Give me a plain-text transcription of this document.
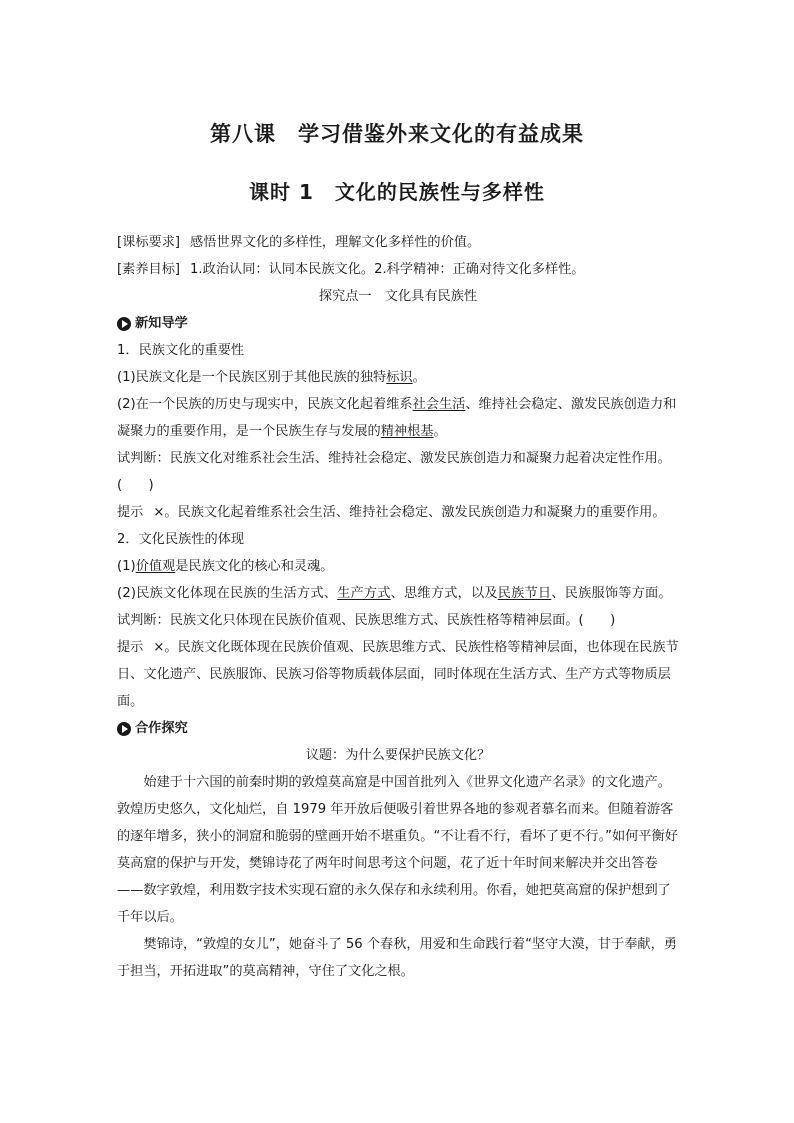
第八课　学习借鉴外来文化的有益成果
课时 1　文化的民族性与多样性

[课标要求] 感悟世界文化的多样性，理解文化多样性的价值。

[素养目标] 1.政治认同：认同本民族文化。2.科学精神：正确对待文化多样性。

探究点一　文化具有民族性

新知导学

1．民族文化的重要性

(1)民族文化是一个民族区别于其他民族的独特标识。

(2)在一个民族的历史与现实中，民族文化起着维系社会生活、维持社会稳定、激发民族创造力和凝聚力的重要作用，是一个民族生存与发展的精神根基。

试判断：民族文化对维系社会生活、维持社会稳定、激发民族创造力和凝聚力起着决定性作用。(　　)

提示 ×。民族文化起着维系社会生活、维持社会稳定、激发民族创造力和凝聚力的重要作用。

2．文化民族性的体现

(1)价值观是民族文化的核心和灵魂。

(2)民族文化体现在民族的生活方式、生产方式、思维方式，以及民族节日、民族服饰等方面。

试判断：民族文化只体现在民族价值观、民族思维方式、民族性格等精神层面。(　　)

提示 ×。民族文化既体现在民族价值观、民族思维方式、民族性格等精神层面，也体现在民族节日、文化遗产、民族服饰、民族习俗等物质载体层面，同时体现在生活方式、生产方式等物质层面。

合作探究

议题：为什么要保护民族文化？

始建于十六国的前秦时期的敦煌莫高窟是中国首批列入《世界文化遗产名录》的文化遗产。敦煌历史悠久，文化灿烂，自 1979 年开放后便吸引着世界各地的参观者慕名而来。但随着游客的逐年增多，狭小的洞窟和脆弱的壁画开始不堪重负。“不让看不行，看坏了更不行。”如何平衡好莫高窟的保护与开发，樊锦诗花了两年时间思考这个问题，花了近十年时间来解决并交出答卷——数字敦煌，利用数字技术实现石窟的永久保存和永续利用。你看，她把莫高窟的保护想到了千年以后。

樊锦诗，“敦煌的女儿”，她奋斗了 56 个春秋，用爱和生命践行着“坚守大漠，甘于奉献，勇于担当，开拓进取”的莫高精神，守住了文化之根。
